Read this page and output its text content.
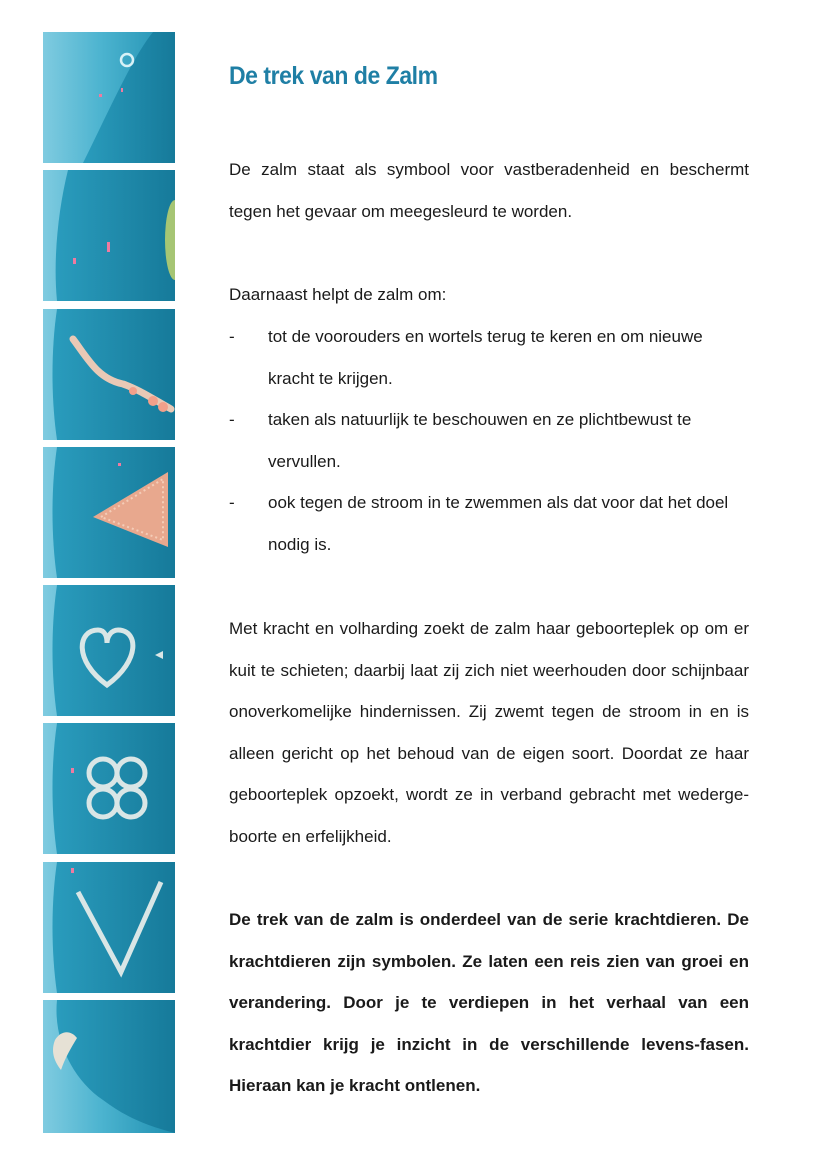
De trek van de Zalm

De zalm staat als symbool voor vastberadenheid en beschermt tegen het gevaar om meegesleurd te worden.

Daarnaast helpt de zalm om:

- tot de voorouders en wortels terug te keren en om nieuwe kracht te krijgen.
- taken als natuurlijk te beschouwen en ze plichtbewust te vervullen.
- ook tegen de stroom in te zwemmen als dat voor dat het doel nodig is.

Met kracht en volharding zoekt de zalm haar geboorteplek op om er kuit te schieten; daarbij laat zij zich niet weerhouden door schijnbaar onoverkomelijke hindernissen. Zij zwemt tegen de stroom in en is alleen gericht op het behoud van de eigen soort. Doordat ze haar geboorteplek opzoekt, wordt ze in verband gebracht met wederge-boorte en erfelijkheid.

De trek van de zalm is onderdeel van de serie krachtdieren. De krachtdieren zijn symbolen. Ze laten een reis zien van groei en verandering. Door je te verdiepen in het verhaal van een krachtdier krijg je inzicht in de verschillende levens-fasen. Hieraan kan je kracht ontlenen.
